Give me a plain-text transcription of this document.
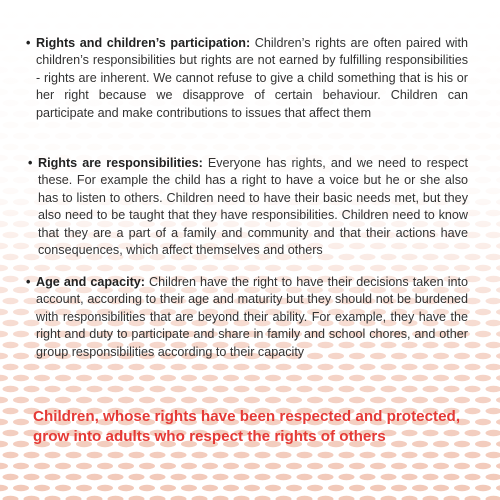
• Rights and children’s participation: Children’s rights are often paired with children’s responsibilities but rights are not earned by fulfilling responsibilities - rights are inherent. We cannot refuse to give a child something that is his or her right because we disapprove of certain behaviour. Children can participate and make contributions to issues that affect them
• Rights are responsibilities: Everyone has rights, and we need to respect these. For example the child has a right to have a voice but he or she also has to listen to others. Children need to have their basic needs met, but they also need to be taught that they have responsibilities. Children need to know that they are a part of a family and community and that their actions have consequences, which affect themselves and others
• Age and capacity: Children have the right to have their decisions taken into account, according to their age and maturity but they should not be burdened with responsibilities that are beyond their ability. For example, they have the right and duty to participate and share in family and school chores, and other group responsibilities according to their capacity
Children, whose rights have been respected and protected, grow into adults who respect the rights of others
